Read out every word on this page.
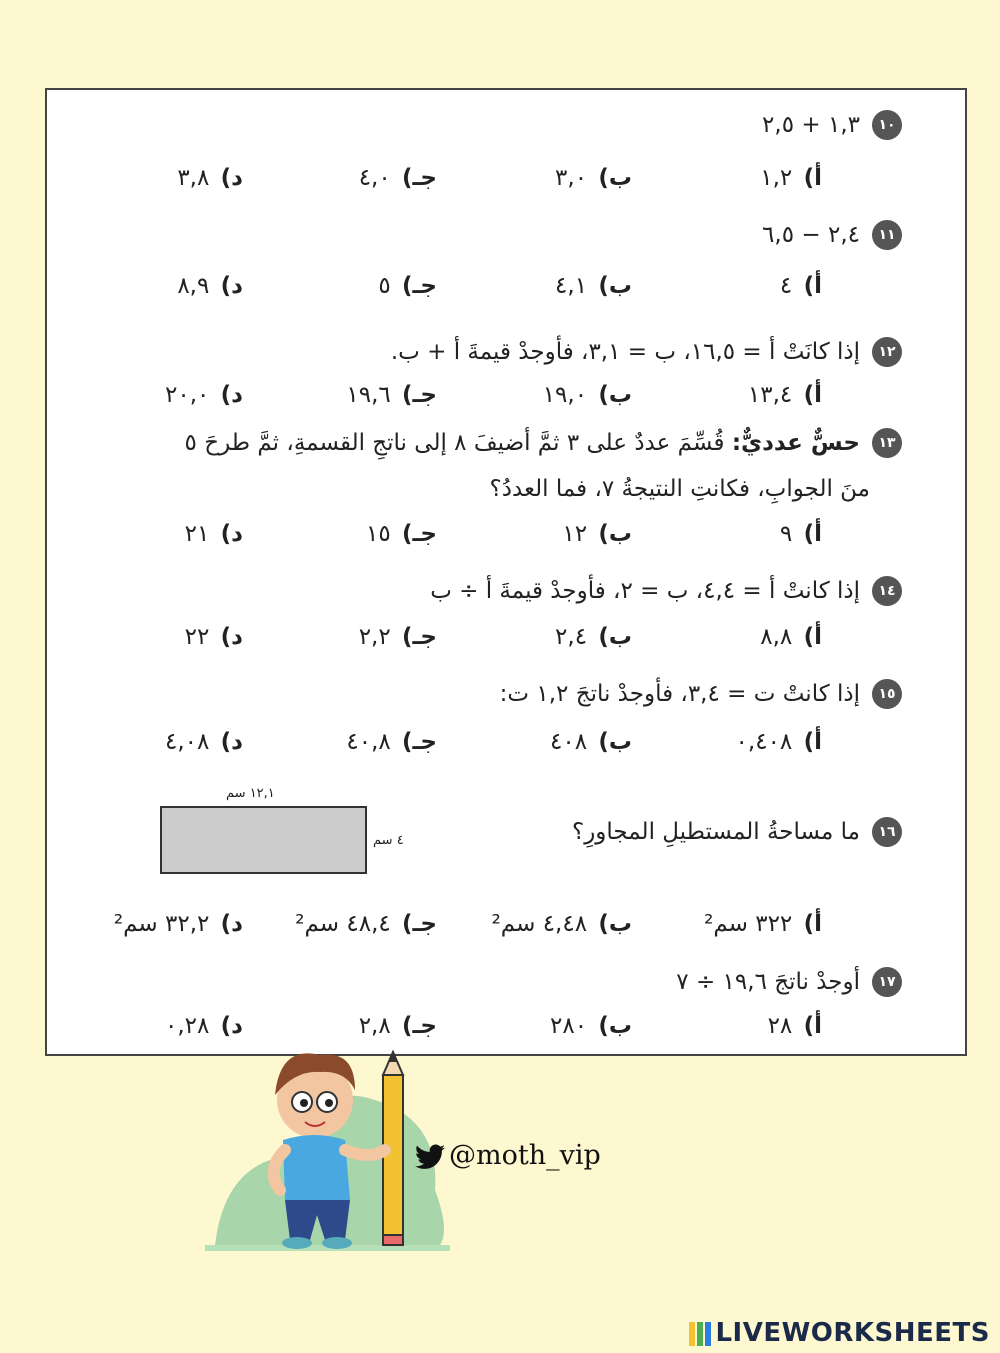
١٠١,٣ + ٢,٥
أ) ١,٢
ب) ٣,٠
جـ) ٤,٠
د) ٣,٨
١١٢,٤ − ٦,٥
أ) ٤
ب) ٤,١
جـ) ٥
د) ٨,٩
١٢إذا كانَتْ أ = ١٦,٥، ب = ٣,١، فأوجدْ قيمةَ أ + ب.
أ) ١٣,٤
ب) ١٩,٠
جـ) ١٩,٦
د) ٢٠,٠
١٣حسٌّ عدديٌّ: قُسِّمَ عددٌ على ٣ ثمَّ أضيفَ ٨ إلى ناتجِ القسمةِ، ثمَّ طرحَ ٥
منَ الجوابِ، فكانتِ النتيجةُ ٧، فما العددُ؟
أ) ٩
ب) ١٢
جـ) ١٥
د) ٢١
١٤إذا كانتْ أ = ٤,٤، ب = ٢، فأوجدْ قيمةَ أ ÷ ب
أ) ٨,٨
ب) ٢,٤
جـ) ٢,٢
د) ٢٢
١٥إذا كانتْ ت = ٣,٤، فأوجدْ ناتجَ ١,٢ ت:
أ) ٠,٤٠٨
ب) ٤٠٨
جـ) ٤٠,٨
د) ٤,٠٨
١٦ما مساحةُ المستطيلِ المجاورِ؟
١٢,١ سم
٤ سم
أ) ٣٢٢ سم²
ب) ٤,٤٨ سم²
جـ) ٤٨,٤ سم²
د) ٣٢,٢ سم²
١٧أوجدْ ناتجَ ١٩,٦ ÷ ٧
أ) ٢٨
ب) ٢٨٠
جـ) ٢,٨
د) ٠,٢٨
@moth_vip
LIVEWORKSHEETS
